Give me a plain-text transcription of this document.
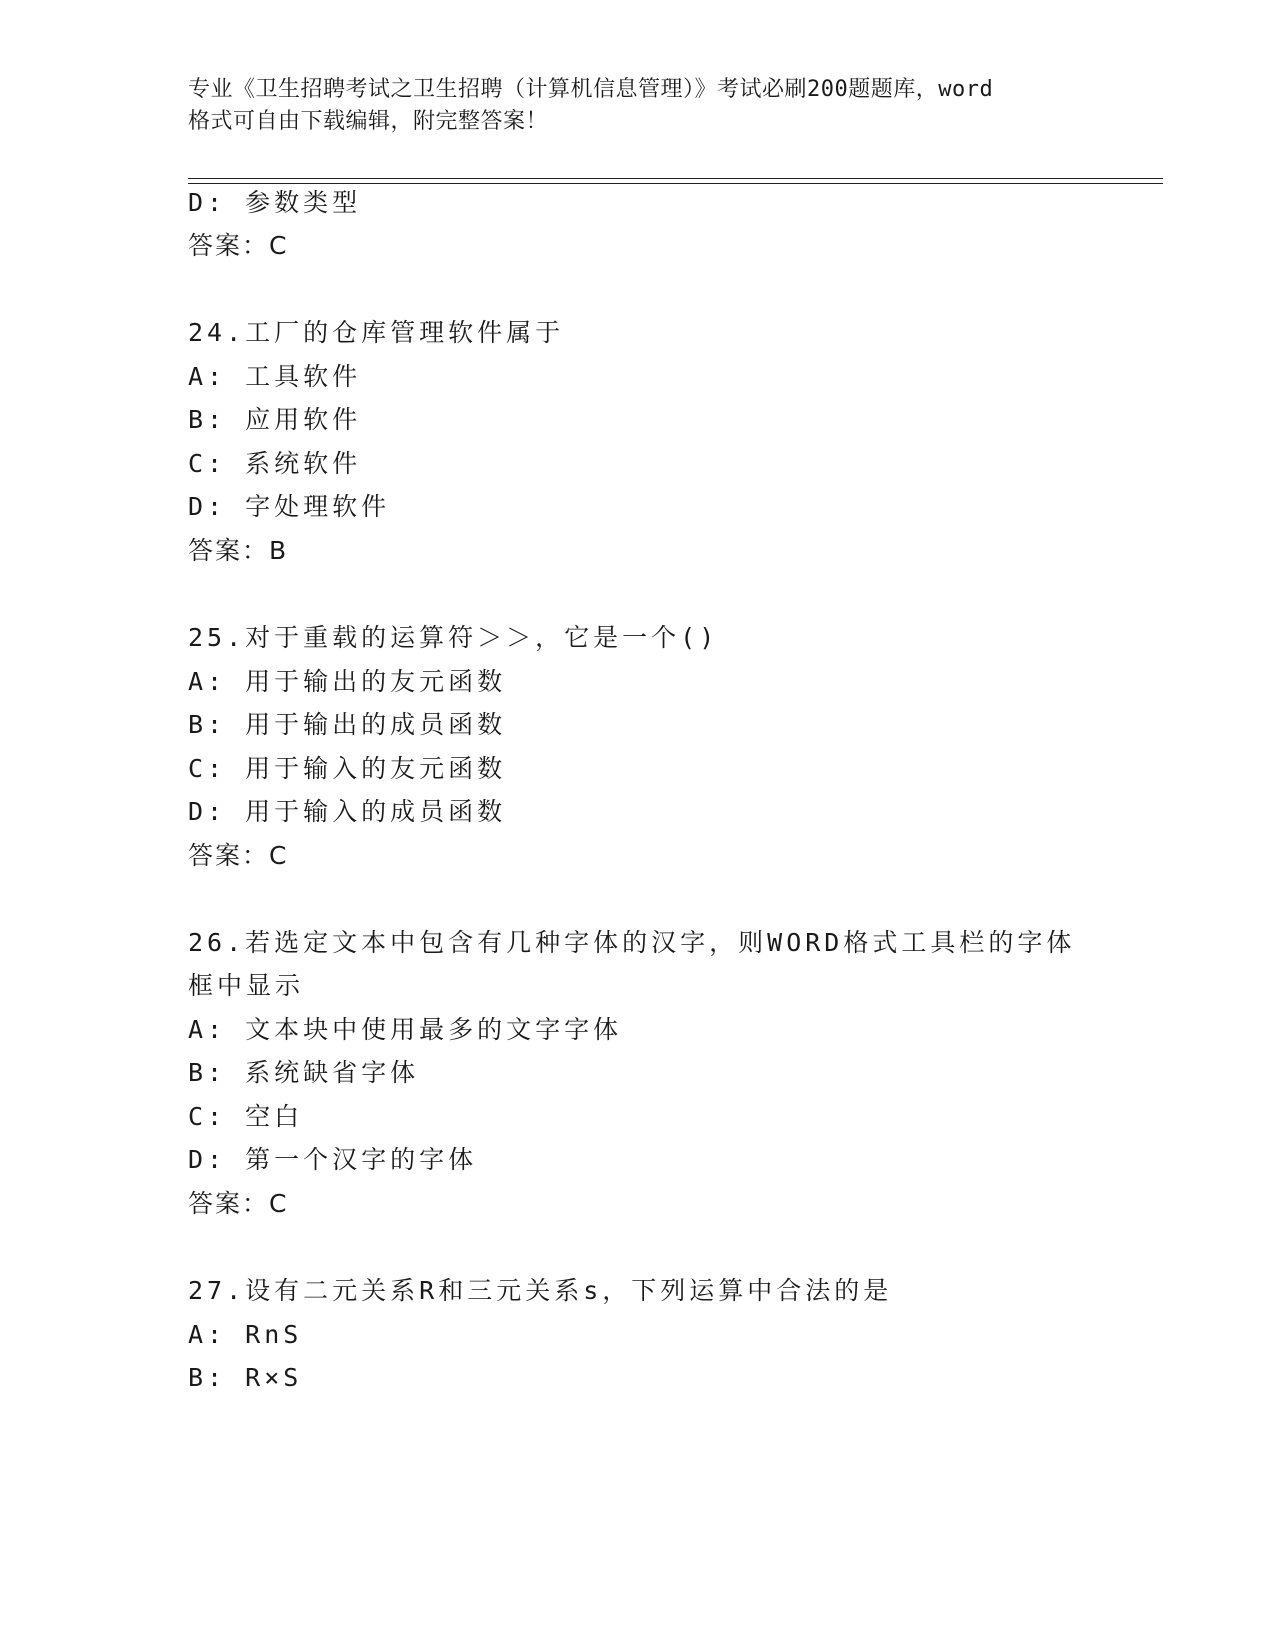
专业《卫生招聘考试之卫生招聘（计算机信息管理）》考试必刷200题题库，word
格式可自由下载编辑，附完整答案！
D: 参数类型
答案：C
24.工厂的仓库管理软件属于
A: 工具软件
B: 应用软件
C: 系统软件
D: 字处理软件
答案：B
25.对于重载的运算符＞＞，它是一个()
A: 用于输出的友元函数
B: 用于输出的成员函数
C: 用于输入的友元函数
D: 用于输入的成员函数
答案：C
26.若选定文本中包含有几种字体的汉字，则WORD格式工具栏的字体
框中显示
A: 文本块中使用最多的文字字体
B: 系统缺省字体
C: 空白
D: 第一个汉字的字体
答案：C
27.设有二元关系R和三元关系s，下列运算中合法的是
A: RnS
B: R×S
